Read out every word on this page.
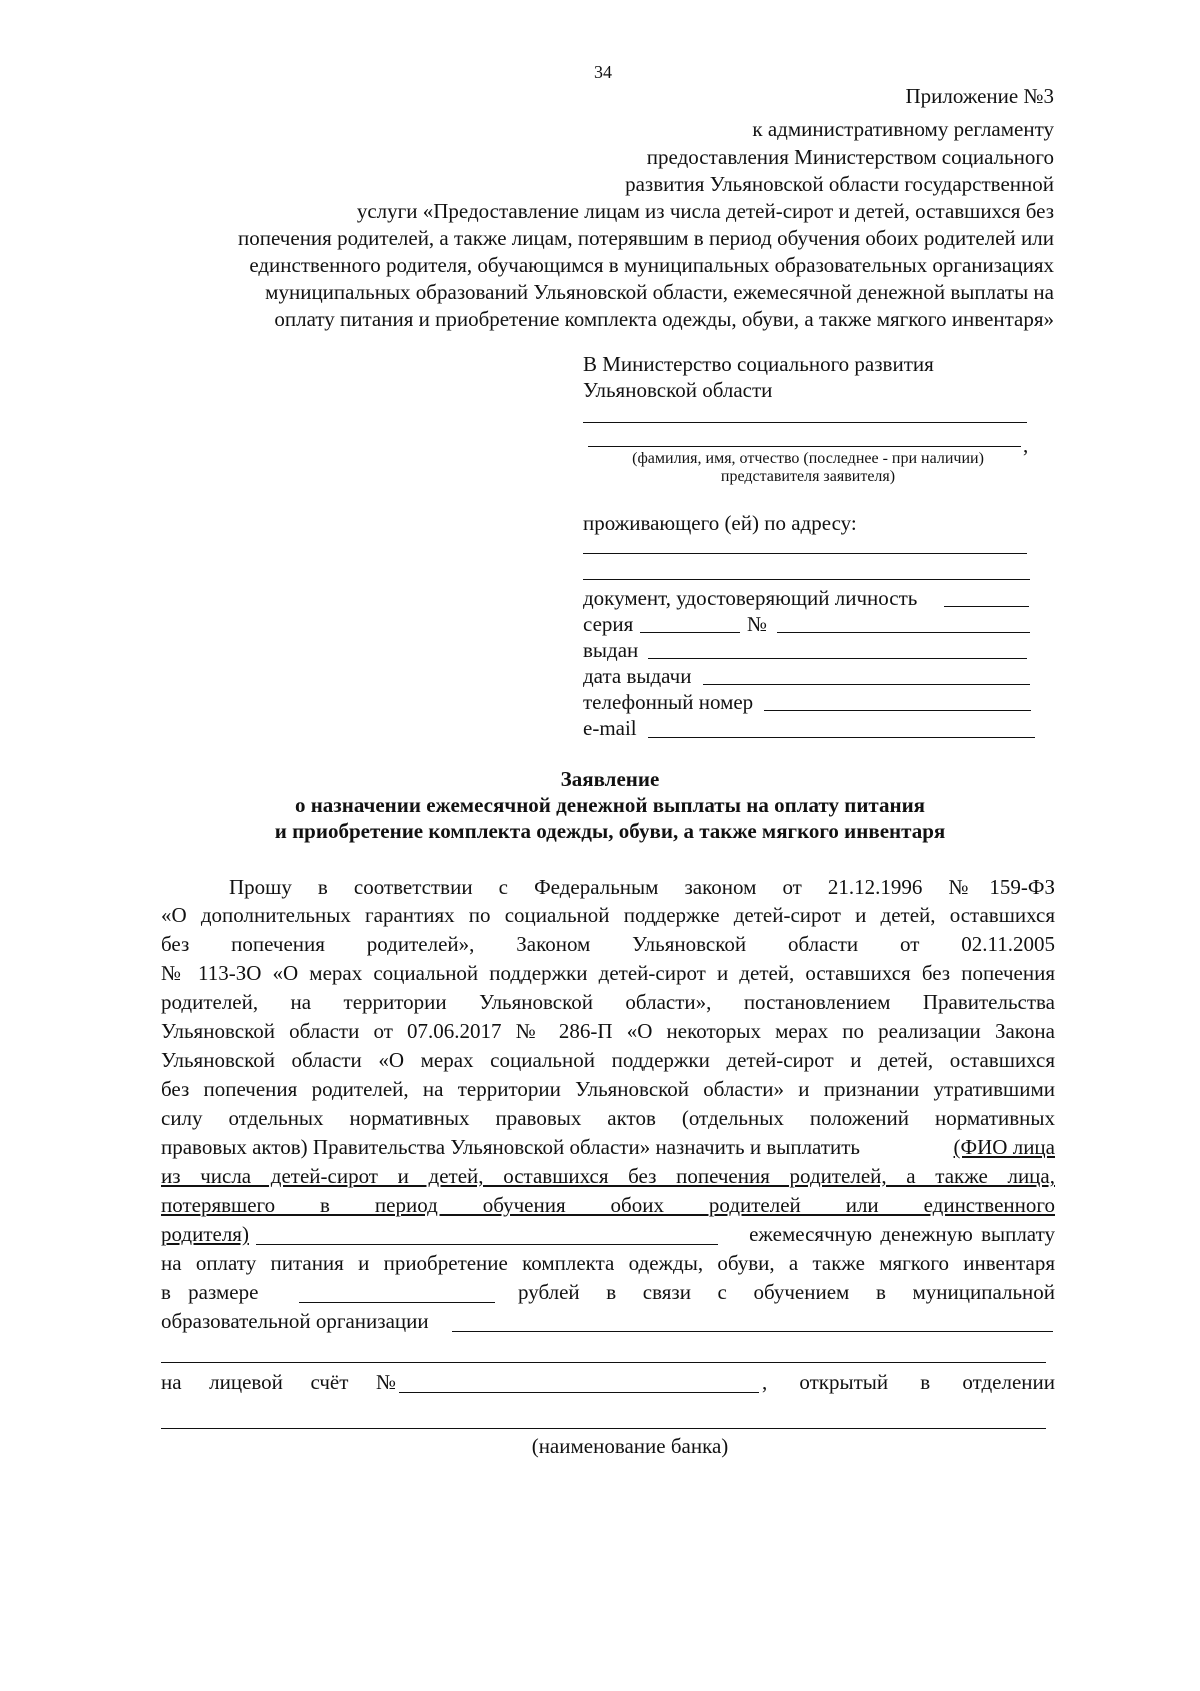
34
Приложение №3
к административному регламенту
предоставления Министерством социального
развития Ульяновской области государственной
услуги «Предоставление лицам из числа детей-сирот и детей, оставшихся без
попечения родителей, а также лицам, потерявшим в период обучения обоих родителей или
единственного родителя, обучающимся в муниципальных образовательных организациях
муниципальных образований Ульяновской области, ежемесячной денежной выплаты на
оплату питания и приобретение комплекта одежды, обуви, а также мягкого инвентаря»
В Министерство социального развития
Ульяновской области
,
(фамилия, имя, отчество (последнее - при наличии)
представителя заявителя)
проживающего (ей) по адресу:
документ, удостоверяющий личность
серия	№
выдан
дата выдачи
телефонный номер
e-mail
Заявление
о назначении ежемесячной денежной выплаты на оплату питания
и приобретение комплекта одежды, обуви, а также мягкого инвентаря
Прошу в соответствии с Федеральным законом от 21.12.1996 №159-ФЗ
«О дополнительных гарантиях по социальной поддержке детей-сирот и детей, оставшихся
без попечения родителей», Законом Ульяновской области от 02.11.2005
№ 113-ЗО «О мерах социальной поддержки детей-сирот и детей, оставшихся без попечения
родителей, на территории Ульяновской области», постановлением Правительства
Ульяновской области от 07.06.2017 № 286-П «О некоторых мерах по реализации Закона
Ульяновской области «О мерах социальной поддержки детей-сирот и детей, оставшихся
без попечения родителей, на территории Ульяновской области» и признании утратившими
силу отдельных нормативных правовых актов (отдельных положений нормативных
правовых актов) Правительства Ульяновской области» назначить и выплатить	(ФИО лица
из числа детей-сирот и детей, оставшихся без попечения родителей, а также лица,
потерявшего в период обучения обоих родителей или единственного
родителя)	ежемесячную денежную выплату
на оплату питания и приобретение комплекта одежды, обуви, а также мягкого инвентаря
в размере	рублей в связи с обучением в муниципальной
образовательной организации
на лицевой счёт №	, открытый в отделении
(наименование банка)
